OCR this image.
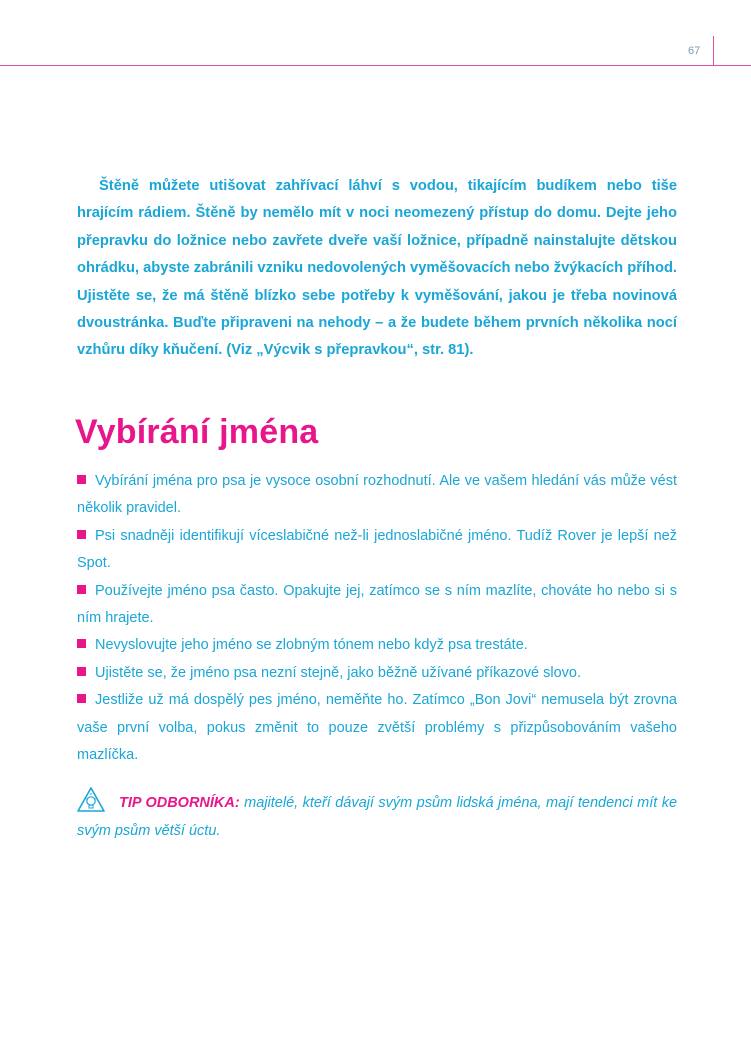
67

Štěně můžete utišovat zahřívací láhví s vodou, tikajícím budíkem nebo tiše hrajícím rádiem. Štěně by nemělo mít v noci neomezený přístup do domu. Dejte jeho přepravku do ložnice nebo zavřete dveře vaší ložnice, případně nainstalujte dětskou ohrádku, abyste zabránili vzniku nedovolených vyměšovacích nebo žvýkacích příhod. Ujistěte se, že má štěně blízko sebe potřeby k vyměšování, jakou je třeba novinová dvoustránka. Buďte připraveni na nehody – a že budete během prvních několika nocí vzhůru díky kňučení. (Viz „Výcvik s přepravkou“, str. 81).

Vybírání jména

Vybírání jména pro psa je vysoce osobní rozhodnutí. Ale ve vašem hledání vás může vést několik pravidel.

Psi snadněji identifikují víceslabičné než-li jednoslabičné jméno. Tudíž Rover je lepší než Spot.

Používejte jméno psa často. Opakujte jej, zatímco se s ním mazlíte, chováte ho nebo si s ním hrajete.

Nevyslovujte jeho jméno se zlobným tónem nebo když psa trestáte.

Ujistěte se, že jméno psa nezní stejně, jako běžně užívané příkazové slovo.

Jestliže už má dospělý pes jméno, neměňte ho. Zatímco „Bon Jovi“ nemusela být zrovna vaše první volba, pokus změnit to pouze zvětší problémy s přizpůsobováním vašeho mazlíčka.

TIP ODBORNÍKA: majitelé, kteří dávají svým psům lidská jména, mají tendenci mít ke svým psům větší úctu.
